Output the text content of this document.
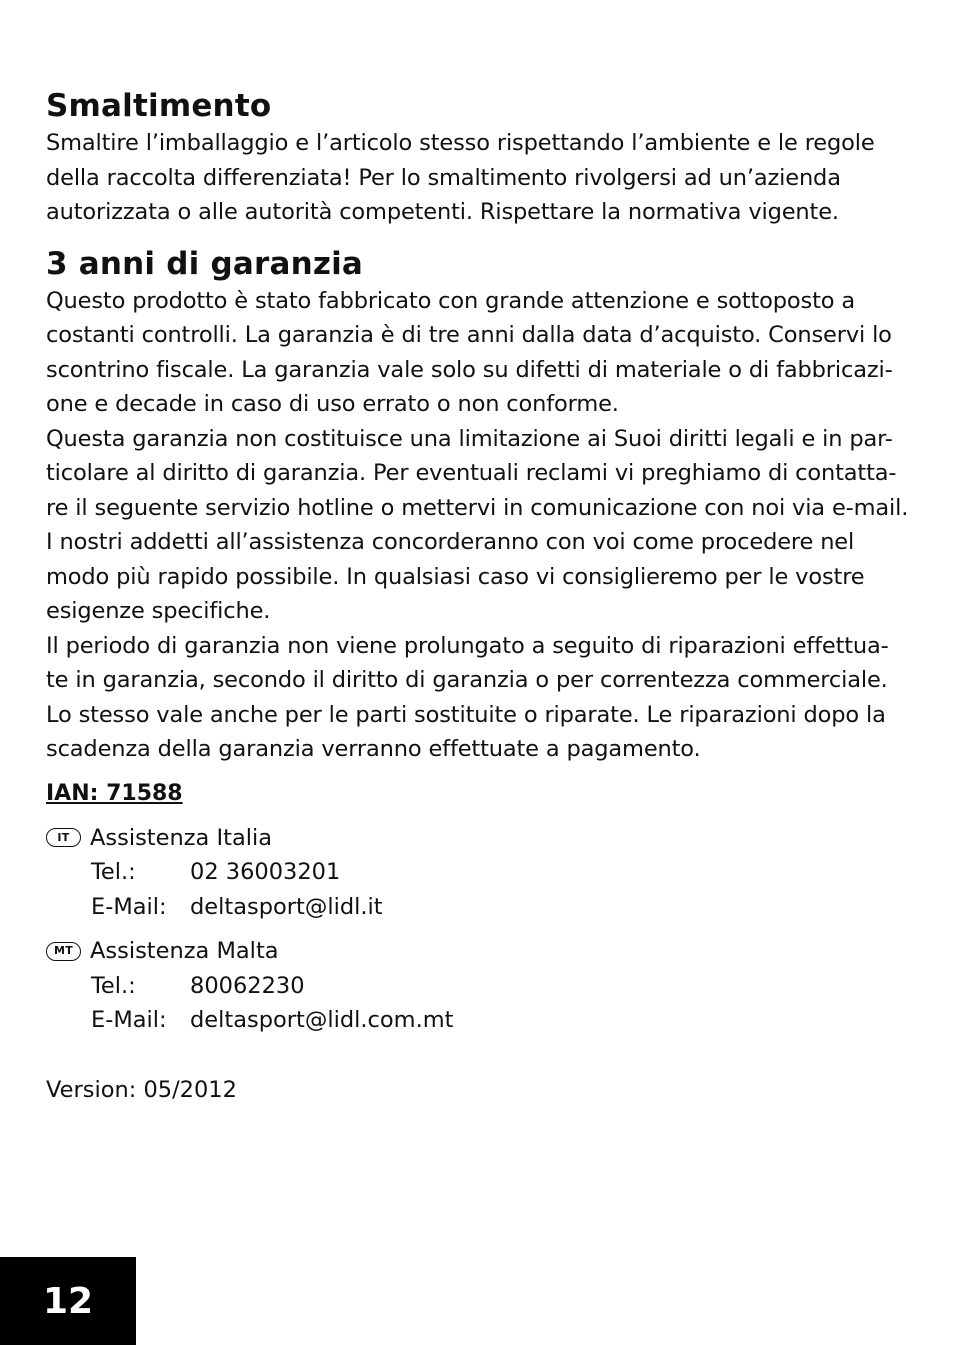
Smaltimento

Smaltire l’imballaggio e l’articolo stesso rispettando l’ambiente e le regole

della raccolta differenziata! Per lo smaltimento rivolgersi ad un’azienda

autorizzata o alle autorità competenti. Rispettare la normativa vigente.

3 anni di garanzia

Questo prodotto è stato fabbricato con grande attenzione e sottoposto a

costanti controlli. La garanzia è di tre anni dalla data d’acquisto. Conservi lo

scontrino fiscale. La garanzia vale solo su difetti di materiale o di fabbricazi-

one e decade in caso di uso errato o non conforme.

Questa garanzia non costituisce una limitazione ai Suoi diritti legali e in par-

ticolare al diritto di garanzia. Per eventuali reclami vi preghiamo di contatta-

re il seguente servizio hotline o mettervi in comunicazione con noi via e-mail.

I nostri addetti all’assistenza concorderanno con voi come procedere nel

modo più rapido possibile. In qualsiasi caso vi consiglieremo per le vostre

esigenze specifiche.

Il periodo di garanzia non viene prolungato a seguito di riparazioni effettua-

te in garanzia, secondo il diritto di garanzia o per correntezza commerciale.

Lo stesso vale anche per le parti sostituite o riparate. Le riparazioni dopo la

scadenza della garanzia verranno effettuate a pagamento.

IAN: 71588
IT Assistenza Italia
Tel.:	02 36003201
E-Mail:	deltasport@lidl.it
MT Assistenza Malta
Tel.:	80062230
E-Mail:	deltasport@lidl.com.mt
Version: 05/2012
12
